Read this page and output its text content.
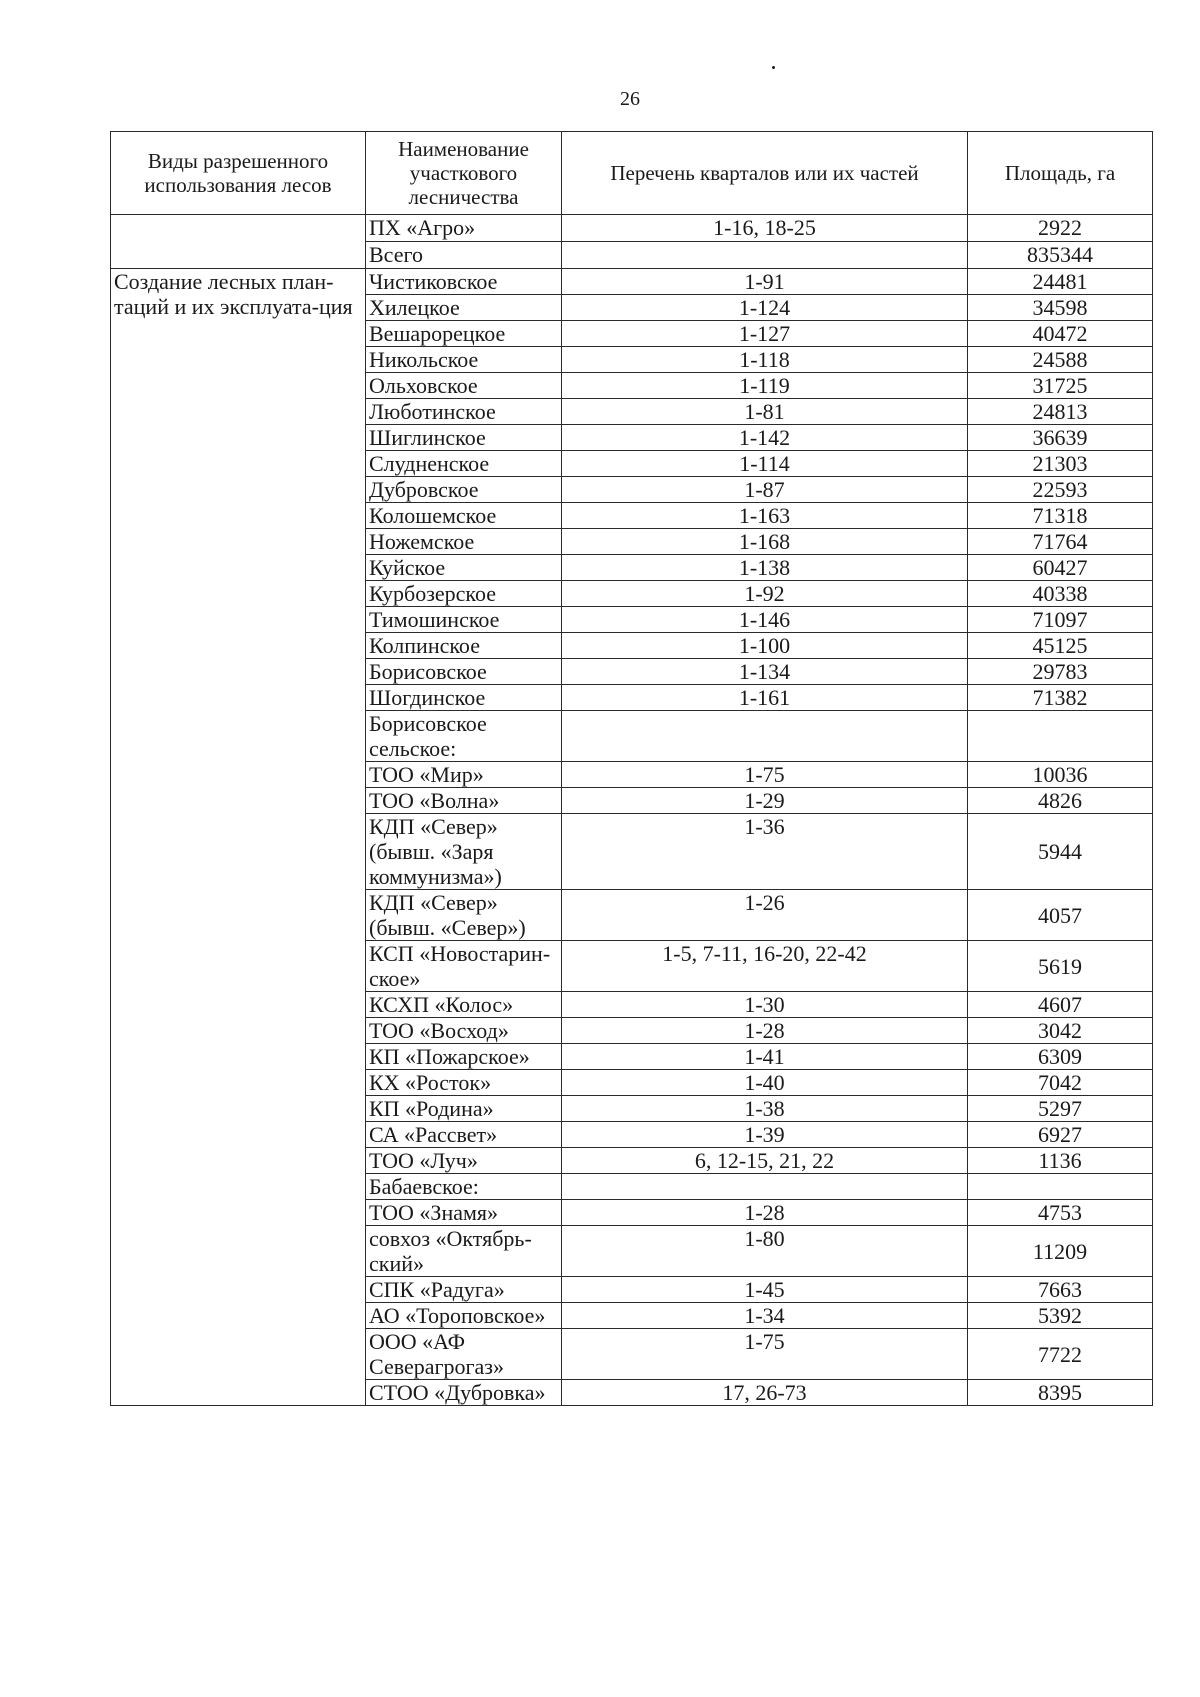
26
Виды разрешенного использования лесов	Наименование участкового лесничества	Перечень кварталов или их частей	Площадь, га
	ПХ «Агро»	1-16, 18-25	2922
	Всего		835344
Создание лесных план-таций и их эксплуата-ция	Чистиковское	1-91	24481
	Хилецкое	1-124	34598
	Вешарорецкое	1-127	40472
	Никольское	1-118	24588
	Ольховское	1-119	31725
	Люботинское	1-81	24813
	Шиглинское	1-142	36639
	Слудненское	1-114	21303
	Дубровское	1-87	22593
	Колошемское	1-163	71318
	Ножемское	1-168	71764
	Куйское	1-138	60427
	Курбозерское	1-92	40338
	Тимошинское	1-146	71097
	Колпинское	1-100	45125
	Борисовское	1-134	29783
	Шогдинское	1-161	71382
	Борисовское сельское:		
	ТОО «Мир»	1-75	10036
	ТОО «Волна»	1-29	4826
	КДП «Север» (бывш. «Заря коммунизма»)	1-36	5944
	КДП «Север» (бывш. «Север»)	1-26	4057
	КСП «Новостарин-ское»	1-5, 7-11, 16-20, 22-42	5619
	КСХП «Колос»	1-30	4607
	ТОО «Восход»	1-28	3042
	КП «Пожарское»	1-41	6309
	КХ «Росток»	1-40	7042
	КП «Родина»	1-38	5297
	СА «Рассвет»	1-39	6927
	ТОО «Луч»	6, 12-15, 21, 22	1136
	Бабаевское:		
	ТОО «Знамя»	1-28	4753
	совхоз «Октябрь-ский»	1-80	11209
	СПК «Радуга»	1-45	7663
	АО «Тороповское»	1-34	5392
	ООО «АФ Северагрогаз»	1-75	7722
	СТОО «Дубровка»	17, 26-73	8395
